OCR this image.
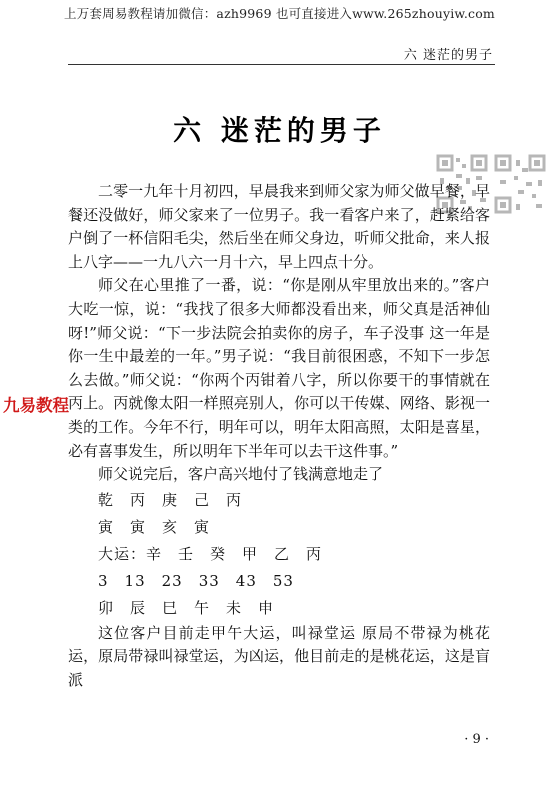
上万套周易教程请加微信：azh9969 也可直接进入www.265zhouyiw.com
六 迷茫的男子
六 迷茫的男子

二零一九年十月初四，早晨我来到师父家为师父做早餐，早餐还没做好，师父家来了一位男子。我一看客户来了，赶紧给客户倒了一杯信阳毛尖，然后坐在师父身边，听师父批命，来人报上八字——一九八六一月十六，早上四点十分。

师父在心里推了一番，说：“你是刚从牢里放出来的。”客户大吃一惊，说：“我找了很多大师都没看出来，师父真是活神仙呀!”师父说：“下一步法院会拍卖你的房子，车子没事 这一年是你一生中最差的一年。”男子说：“我目前很困惑，不知下一步怎么去做。”师父说：“你两个丙钳着八字，所以你要干的事情就在丙上。丙就像太阳一样照亮别人，你可以干传媒、网络、影视一类的工作。今年不行，明年可以，明年太阳高照，太阳是喜星，必有喜事发生，所以明年下半年可以去干这件事。”

师父说完后，客户高兴地付了钱满意地走了

乾　丙　庚　己　丙
寅　寅　亥　寅
大运：辛　壬　癸　甲　乙　丙
3　13　23　33　43　53
卯　辰　巳　午　未　申

这位客户目前走甲午大运，叫禄堂运 原局不带禄为桃花运，原局带禄叫禄堂运，为凶运，他目前走的是桃花运，这是盲派

九易教程
· 9 ·
